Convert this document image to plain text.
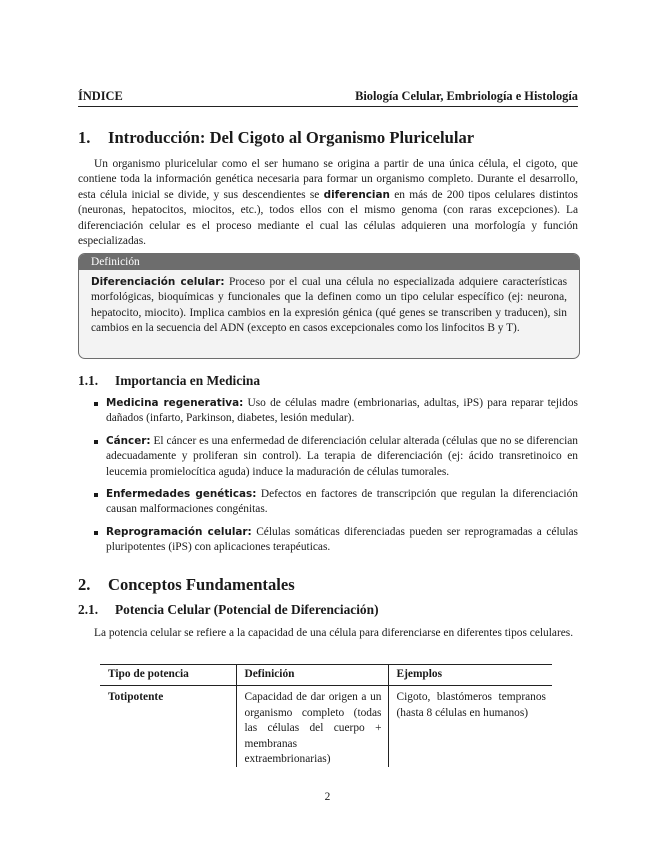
ÍNDICE	Biología Celular, Embriología e Histología
1. Introducción: Del Cigoto al Organismo Pluricelular
Un organismo pluricelular como el ser humano se origina a partir de una única célula, el cigoto, que contiene toda la información genética necesaria para formar un organismo completo. Durante el desarrollo, esta célula inicial se divide, y sus descendientes se diferencian en más de 200 tipos celulares distintos (neuronas, hepatocitos, miocitos, etc.), todos ellos con el mismo genoma (con raras excepciones). La diferenciación celular es el proceso mediante el cual las células adquieren una morfología y función especializadas.
Definición
Diferenciación celular: Proceso por el cual una célula no especializada adquiere características morfológicas, bioquímicas y funcionales que la definen como un tipo celular específico (ej: neurona, hepatocito, miocito). Implica cambios en la expresión génica (qué genes se transcriben y traducen), sin cambios en la secuencia del ADN (excepto en casos excepcionales como los linfocitos B y T).
1.1. Importancia en Medicina
Medicina regenerativa: Uso de células madre (embrionarias, adultas, iPS) para reparar tejidos dañados (infarto, Parkinson, diabetes, lesión medular).
Cáncer: El cáncer es una enfermedad de diferenciación celular alterada (células que no se diferencian adecuadamente y proliferan sin control). La terapia de diferenciación (ej: ácido transretinoico en leucemia promielocítica aguda) induce la maduración de células tumorales.
Enfermedades genéticas: Defectos en factores de transcripción que regulan la diferenciación causan malformaciones congénitas.
Reprogramación celular: Células somáticas diferenciadas pueden ser reprogramadas a células pluripotentes (iPS) con aplicaciones terapéuticas.
2. Conceptos Fundamentales
2.1. Potencia Celular (Potencial de Diferenciación)
La potencia celular se refiere a la capacidad de una célula para diferenciarse en diferentes tipos celulares.
Tipo de potencia	Definición	Ejemplos
Totipotente	Capacidad de dar origen a un organismo completo (todas las células del cuerpo + membranas extraembrionarias)	Cigoto, blastómeros tempranos (hasta 8 células en humanos)
2
